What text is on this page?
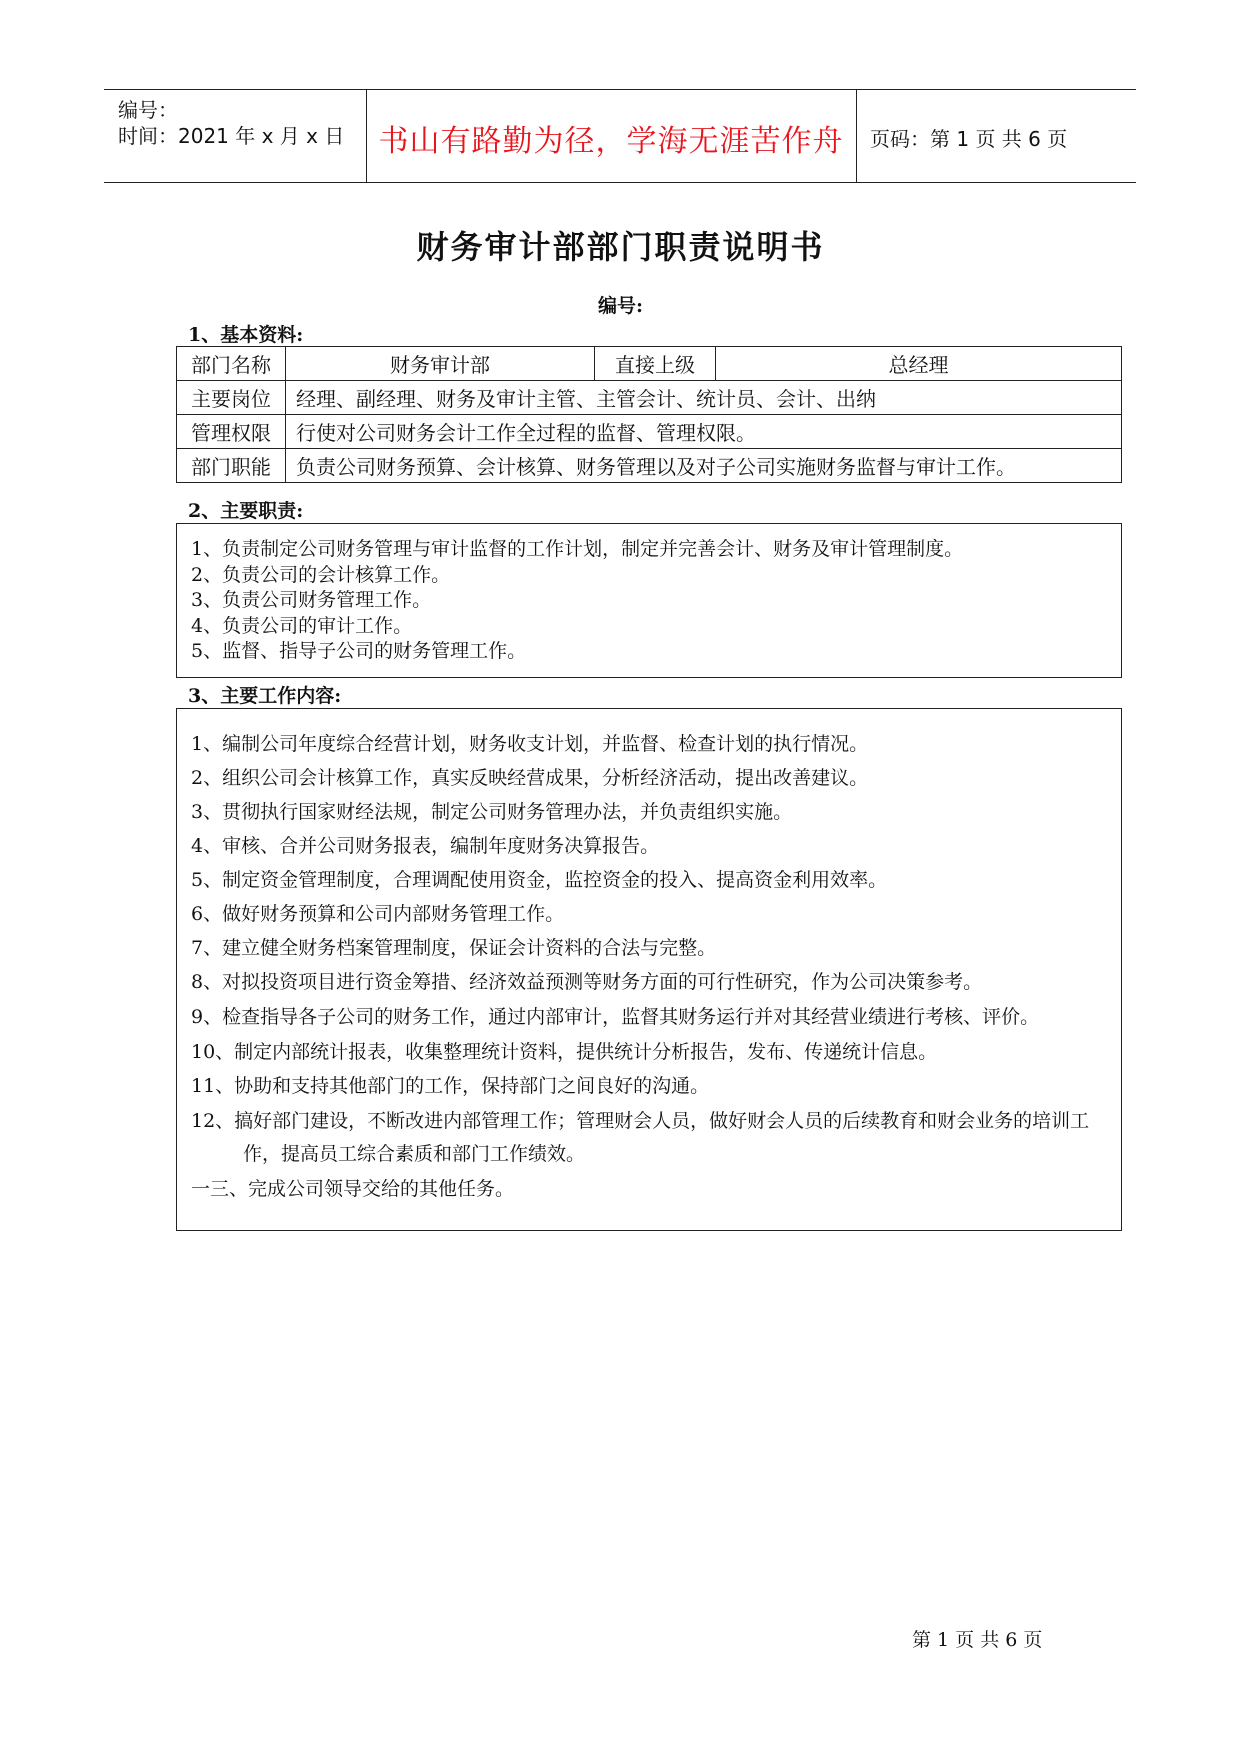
编号：
时间：2021 年 x 月 x 日	书山有路勤为径，学海无涯苦作舟	页码：第 1 页 共 6 页
财务审计部部门职责说明书
编号:
1、基本资料:
部门名称	财务审计部	直接上级	总经理
主要岗位	经理、副经理、财务及审计主管、主管会计、统计员、会计、出纳		
管理权限	行使对公司财务会计工作全过程的监督、管理权限。		
部门职能	负责公司财务预算、会计核算、财务管理以及对子公司实施财务监督与审计工作。		
2、主要职责:
1、负责制定公司财务管理与审计监督的工作计划，制定并完善会计、财务及审计管理制度。
2、负责公司的会计核算工作。
3、负责公司财务管理工作。
4、负责公司的审计工作。
5、监督、指导子公司的财务管理工作。
3、主要工作内容:
1、编制公司年度综合经营计划，财务收支计划，并监督、检查计划的执行情况。
2、组织公司会计核算工作，真实反映经营成果，分析经济活动，提出改善建议。
3、贯彻执行国家财经法规，制定公司财务管理办法，并负责组织实施。
4、审核、合并公司财务报表，编制年度财务决算报告。
5、制定资金管理制度，合理调配使用资金，监控资金的投入、提高资金利用效率。
6、做好财务预算和公司内部财务管理工作。
7、建立健全财务档案管理制度，保证会计资料的合法与完整。
8、对拟投资项目进行资金筹措、经济效益预测等财务方面的可行性研究，作为公司决策参考。
9、检查指导各子公司的财务工作，通过内部审计，监督其财务运行并对其经营业绩进行考核、评价。
10、制定内部统计报表，收集整理统计资料，提供统计分析报告，发布、传递统计信息。
11、协助和支持其他部门的工作，保持部门之间良好的沟通。
12、搞好部门建设，不断改进内部管理工作；管理财会人员，做好财会人员的后续教育和财会业务的培训工作，提高员工综合素质和部门工作绩效。
一三、完成公司领导交给的其他任务。
第 1 页 共 6 页
